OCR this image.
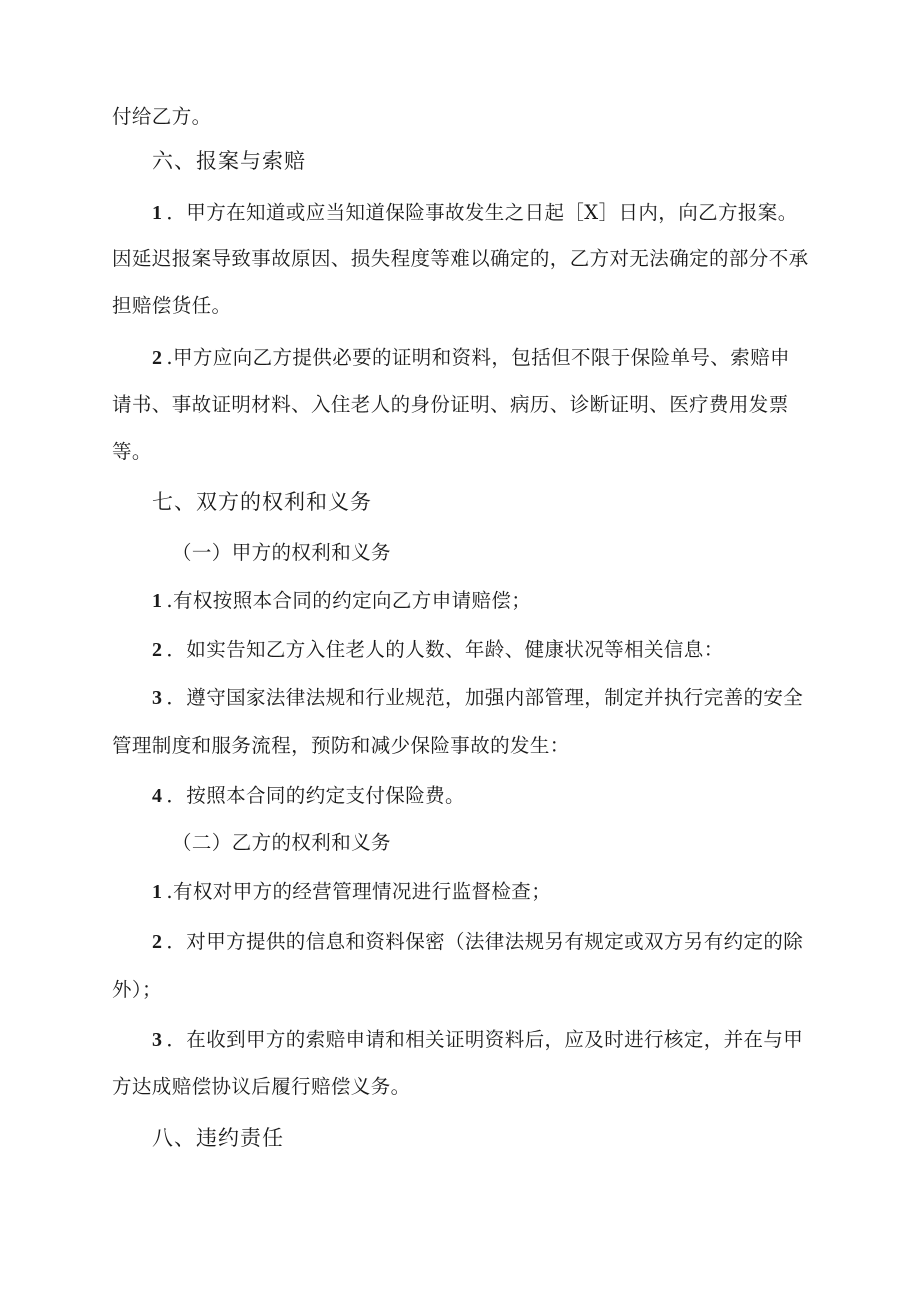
付给乙方。
六、报案与索赔
1 ．甲方在知道或应当知道保险事故发生之日起［X］日内，向乙方报案。
因延迟报案导致事故原因、损失程度等难以确定的，乙方对无法确定的部分不承
担赔偿货任。
2 .甲方应向乙方提供必要的证明和资料，包括但不限于保险单号、索赔申
请书、事故证明材料、入住老人的身份证明、病历、诊断证明、医疗费用发票
等。
七、双方的权利和义务
（一）甲方的权利和义务
1 .有权按照本合同的约定向乙方申请赔偿；
2 ．如实告知乙方入住老人的人数、年龄、健康状况等相关信息：
3 ．遵守国家法律法规和行业规范，加强内部管理，制定并执行完善的安全
管理制度和服务流程，预防和减少保险事故的发生：
4 ．按照本合同的约定支付保险费。
（二）乙方的权利和义务
1 .有权对甲方的经营管理情况进行监督检查；
2 ．对甲方提供的信息和资料保密（法律法规另有规定或双方另有约定的除
外）；
3 ．在收到甲方的索赔申请和相关证明资料后，应及时进行核定，并在与甲
方达成赔偿协议后履行赔偿义务。
八、违约责任
